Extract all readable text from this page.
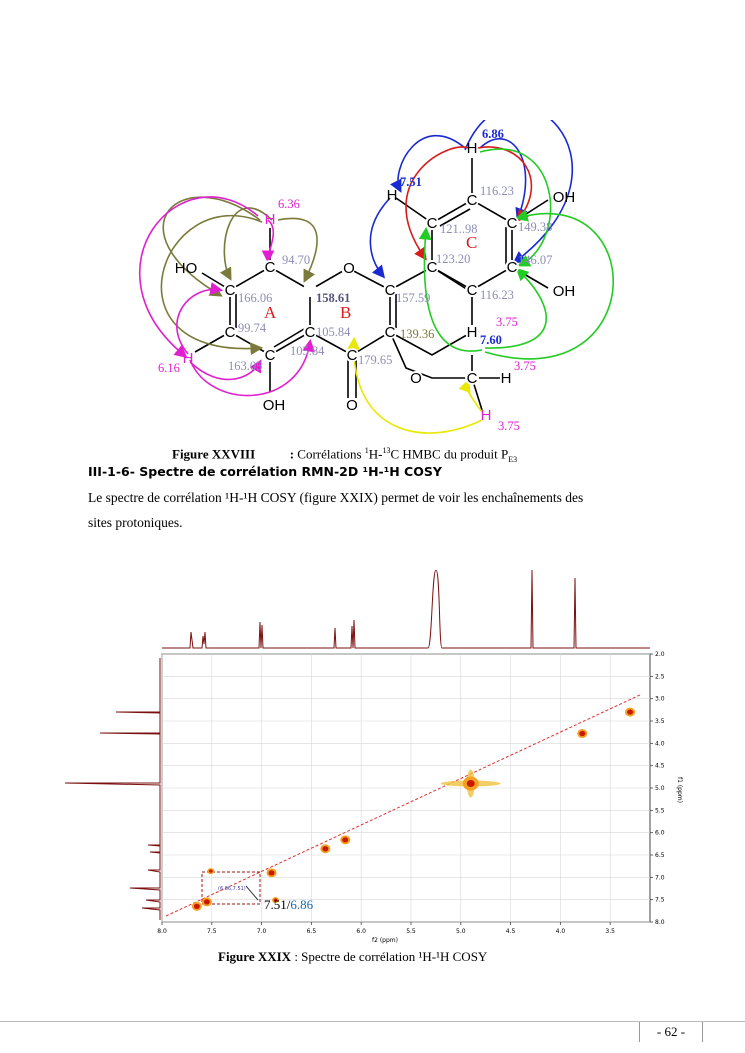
C
C
C
C
C
O
C
C
C
O
C
C
H
C
C
C
C
O	C H
H
H
H
H
H
HO
OH
OH
OH
A	B
C
94.70
166.06	158.61
99.74	105.84
163.05
105.84
179.65
139.36
157.59
123.20
121..98
116.23
149.38
146.07
116.23
6.36
6.16
7.51
6.86
7.60
3.75
3.75
3.75
Figure XXVIII	: Corrélations $^1$H-$^{13}$C HMBC du produit $P_{E3}$
III-1-6- Spectre de corrélation RMN-2D ¹H-¹H COSY
Le spectre de corrélation ¹H-¹H COSY (figure XXIX) permet de voir les enchaînements des
sites protoniques.
(6.86,7.51)
8.0	7.5	7.0	6.5	6.0	5.5	5.0	4.5	4.0	3.5
2.0
2.5
3.0
3.5
4.0
4.5
5.0
5.5
6.0
6.5
7.0
7.5
8.0
f2 (ppm)
f1 (ppm)
7.51/6.86
Figure XXIX : Spectre de corrélation ¹H-¹H COSY
- 62 -
